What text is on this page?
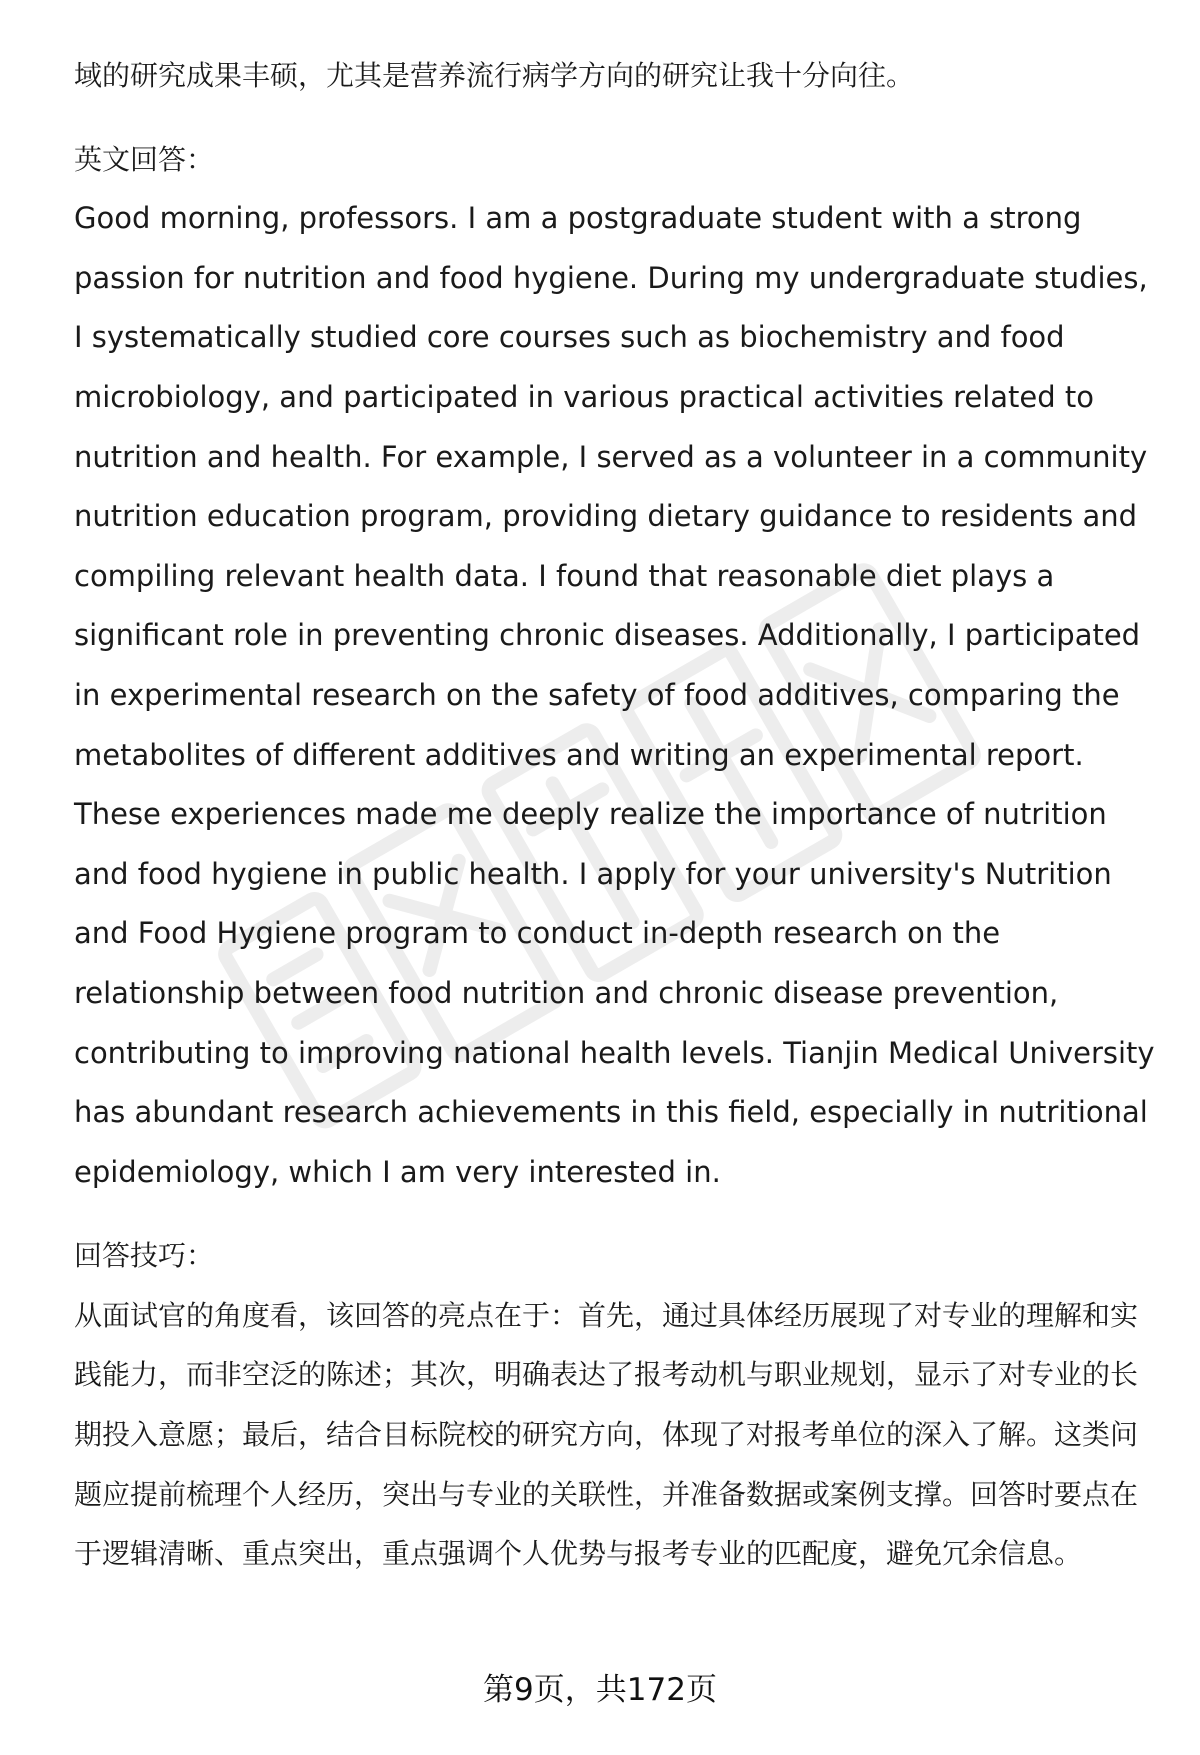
域的研究成果丰硕，尤其是营养流行病学方向的研究让我十分向往。

英文回答：

Good morning, professors. I am a postgraduate student with a strong passion for nutrition and food hygiene. During my undergraduate studies, I systematically studied core courses such as biochemistry and food microbiology, and participated in various practical activities related to nutrition and health. For example, I served as a volunteer in a community nutrition education program, providing dietary guidance to residents and compiling relevant health data. I found that reasonable diet plays a significant role in preventing chronic diseases. Additionally, I participated in experimental research on the safety of food additives, comparing the metabolites of different additives and writing an experimental report. These experiences made me deeply realize the importance of nutrition and food hygiene in public health. I apply for your university's Nutrition and Food Hygiene program to conduct in-depth research on the relationship between food nutrition and chronic disease prevention, contributing to improving national health levels. Tianjin Medical University has abundant research achievements in this field, especially in nutritional epidemiology, which I am very interested in.

回答技巧：

从面试官的角度看，该回答的亮点在于：首先，通过具体经历展现了对专业的理解和实践能力，而非空泛的陈述；其次，明确表达了报考动机与职业规划，显示了对专业的长期投入意愿；最后，结合目标院校的研究方向，体现了对报考单位的深入了解。这类问题应提前梳理个人经历，突出与专业的关联性，并准备数据或案例支撑。回答时要点在于逻辑清晰、重点突出，重点强调个人优势与报考专业的匹配度，避免冗余信息。

第9页，共172页
